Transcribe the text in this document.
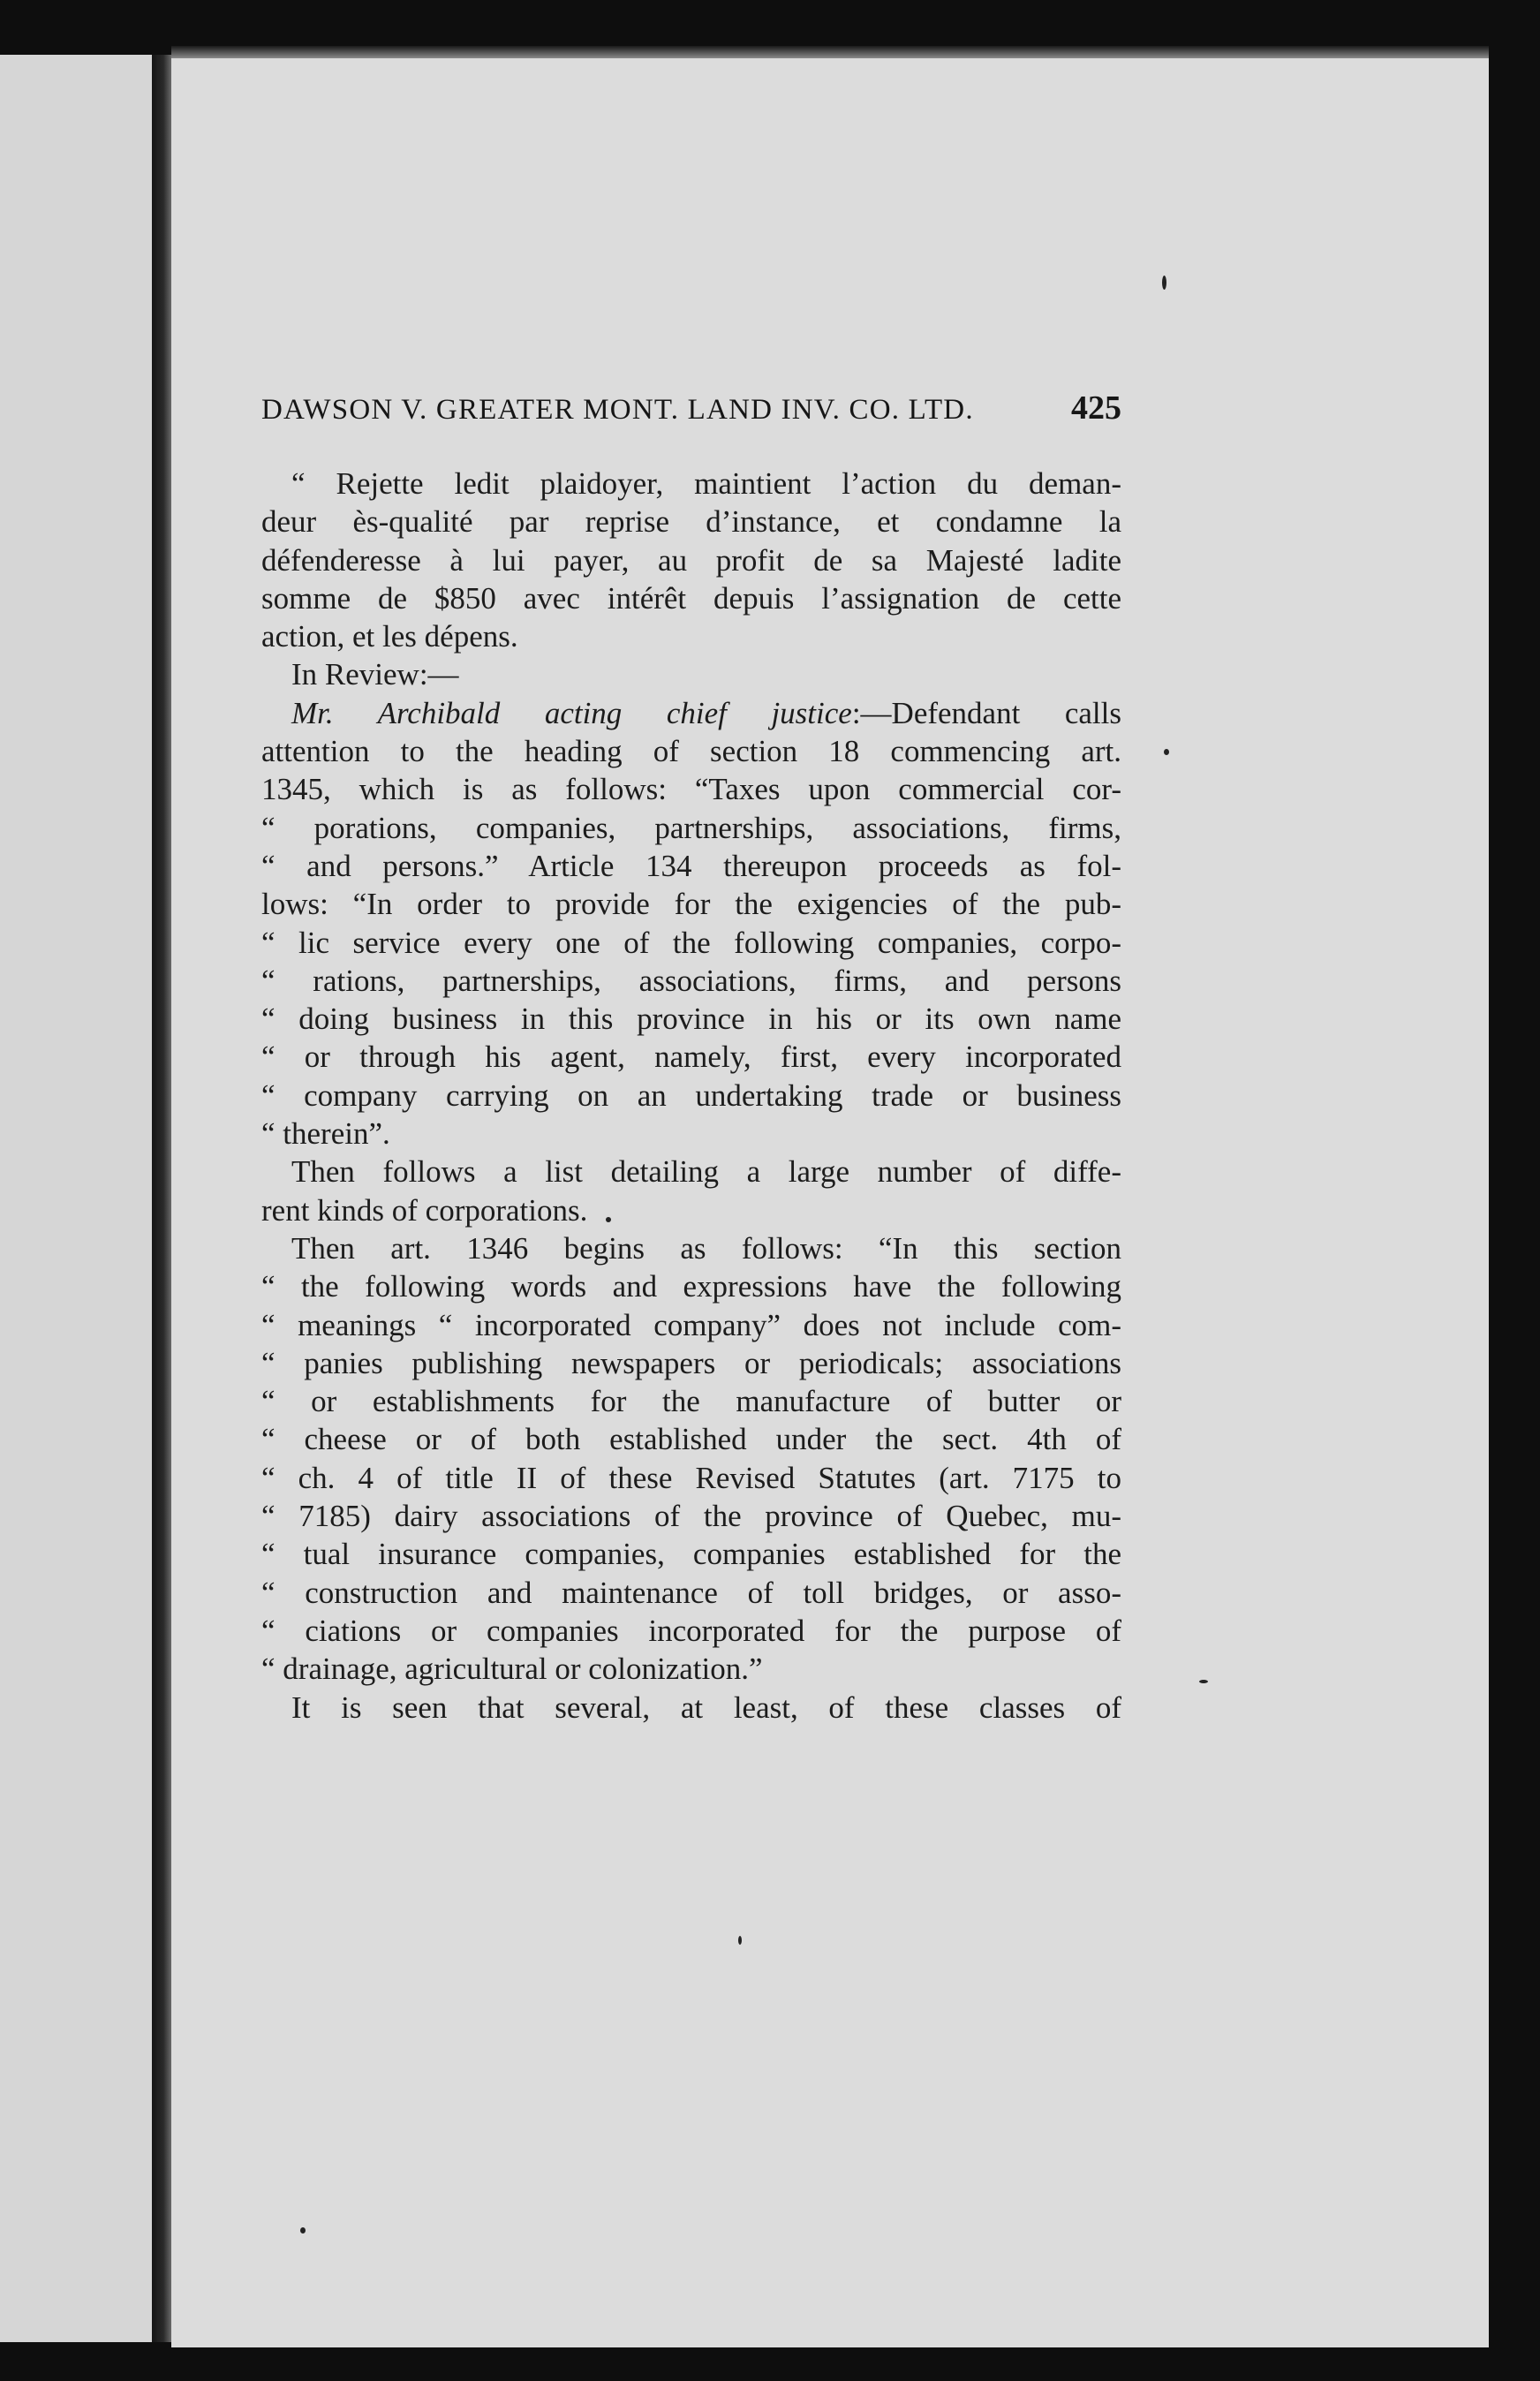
DAWSON V. GREATER MONT. LAND INV. CO. LTD.	425
“ Rejette ledit plaidoyer, maintient l’action du deman-
deur ès-qualité par reprise d’instance, et condamne la
défenderesse à lui payer, au profit de sa Majesté ladite
somme de $850 avec intérêt depuis l’assignation de cette
action, et les dépens.
In Review:—
Mr. Archibald acting chief justice:—Defendant calls
attention to the heading of section 18 commencing art.
1345, which is as follows: “Taxes upon commercial cor-
“ porations, companies, partnerships, associations, firms,
“ and persons.” Article 134 thereupon proceeds as fol-
lows: “In order to provide for the exigencies of the pub-
“ lic service every one of the following companies, corpo-
“ rations, partnerships, associations, firms, and persons
“ doing business in this province in his or its own name
“ or through his agent, namely, first, every incorporated
“ company carrying on an undertaking trade or business
“ therein”.
Then follows a list detailing a large number of diffe-
rent kinds of corporations.
Then art. 1346 begins as follows: “In this section
“ the following words and expressions have the following
“ meanings “ incorporated company” does not include com-
“ panies publishing newspapers or periodicals; associations
“ or establishments for the manufacture of butter or
“ cheese or of both established under the sect. 4th of
“ ch. 4 of title II of these Revised Statutes (art. 7175 to
“ 7185) dairy associations of the province of Quebec, mu-
“ tual insurance companies, companies established for the
“ construction and maintenance of toll bridges, or asso-
“ ciations or companies incorporated for the purpose of
“ drainage, agricultural or colonization.”
It is seen that several, at least, of these classes of
